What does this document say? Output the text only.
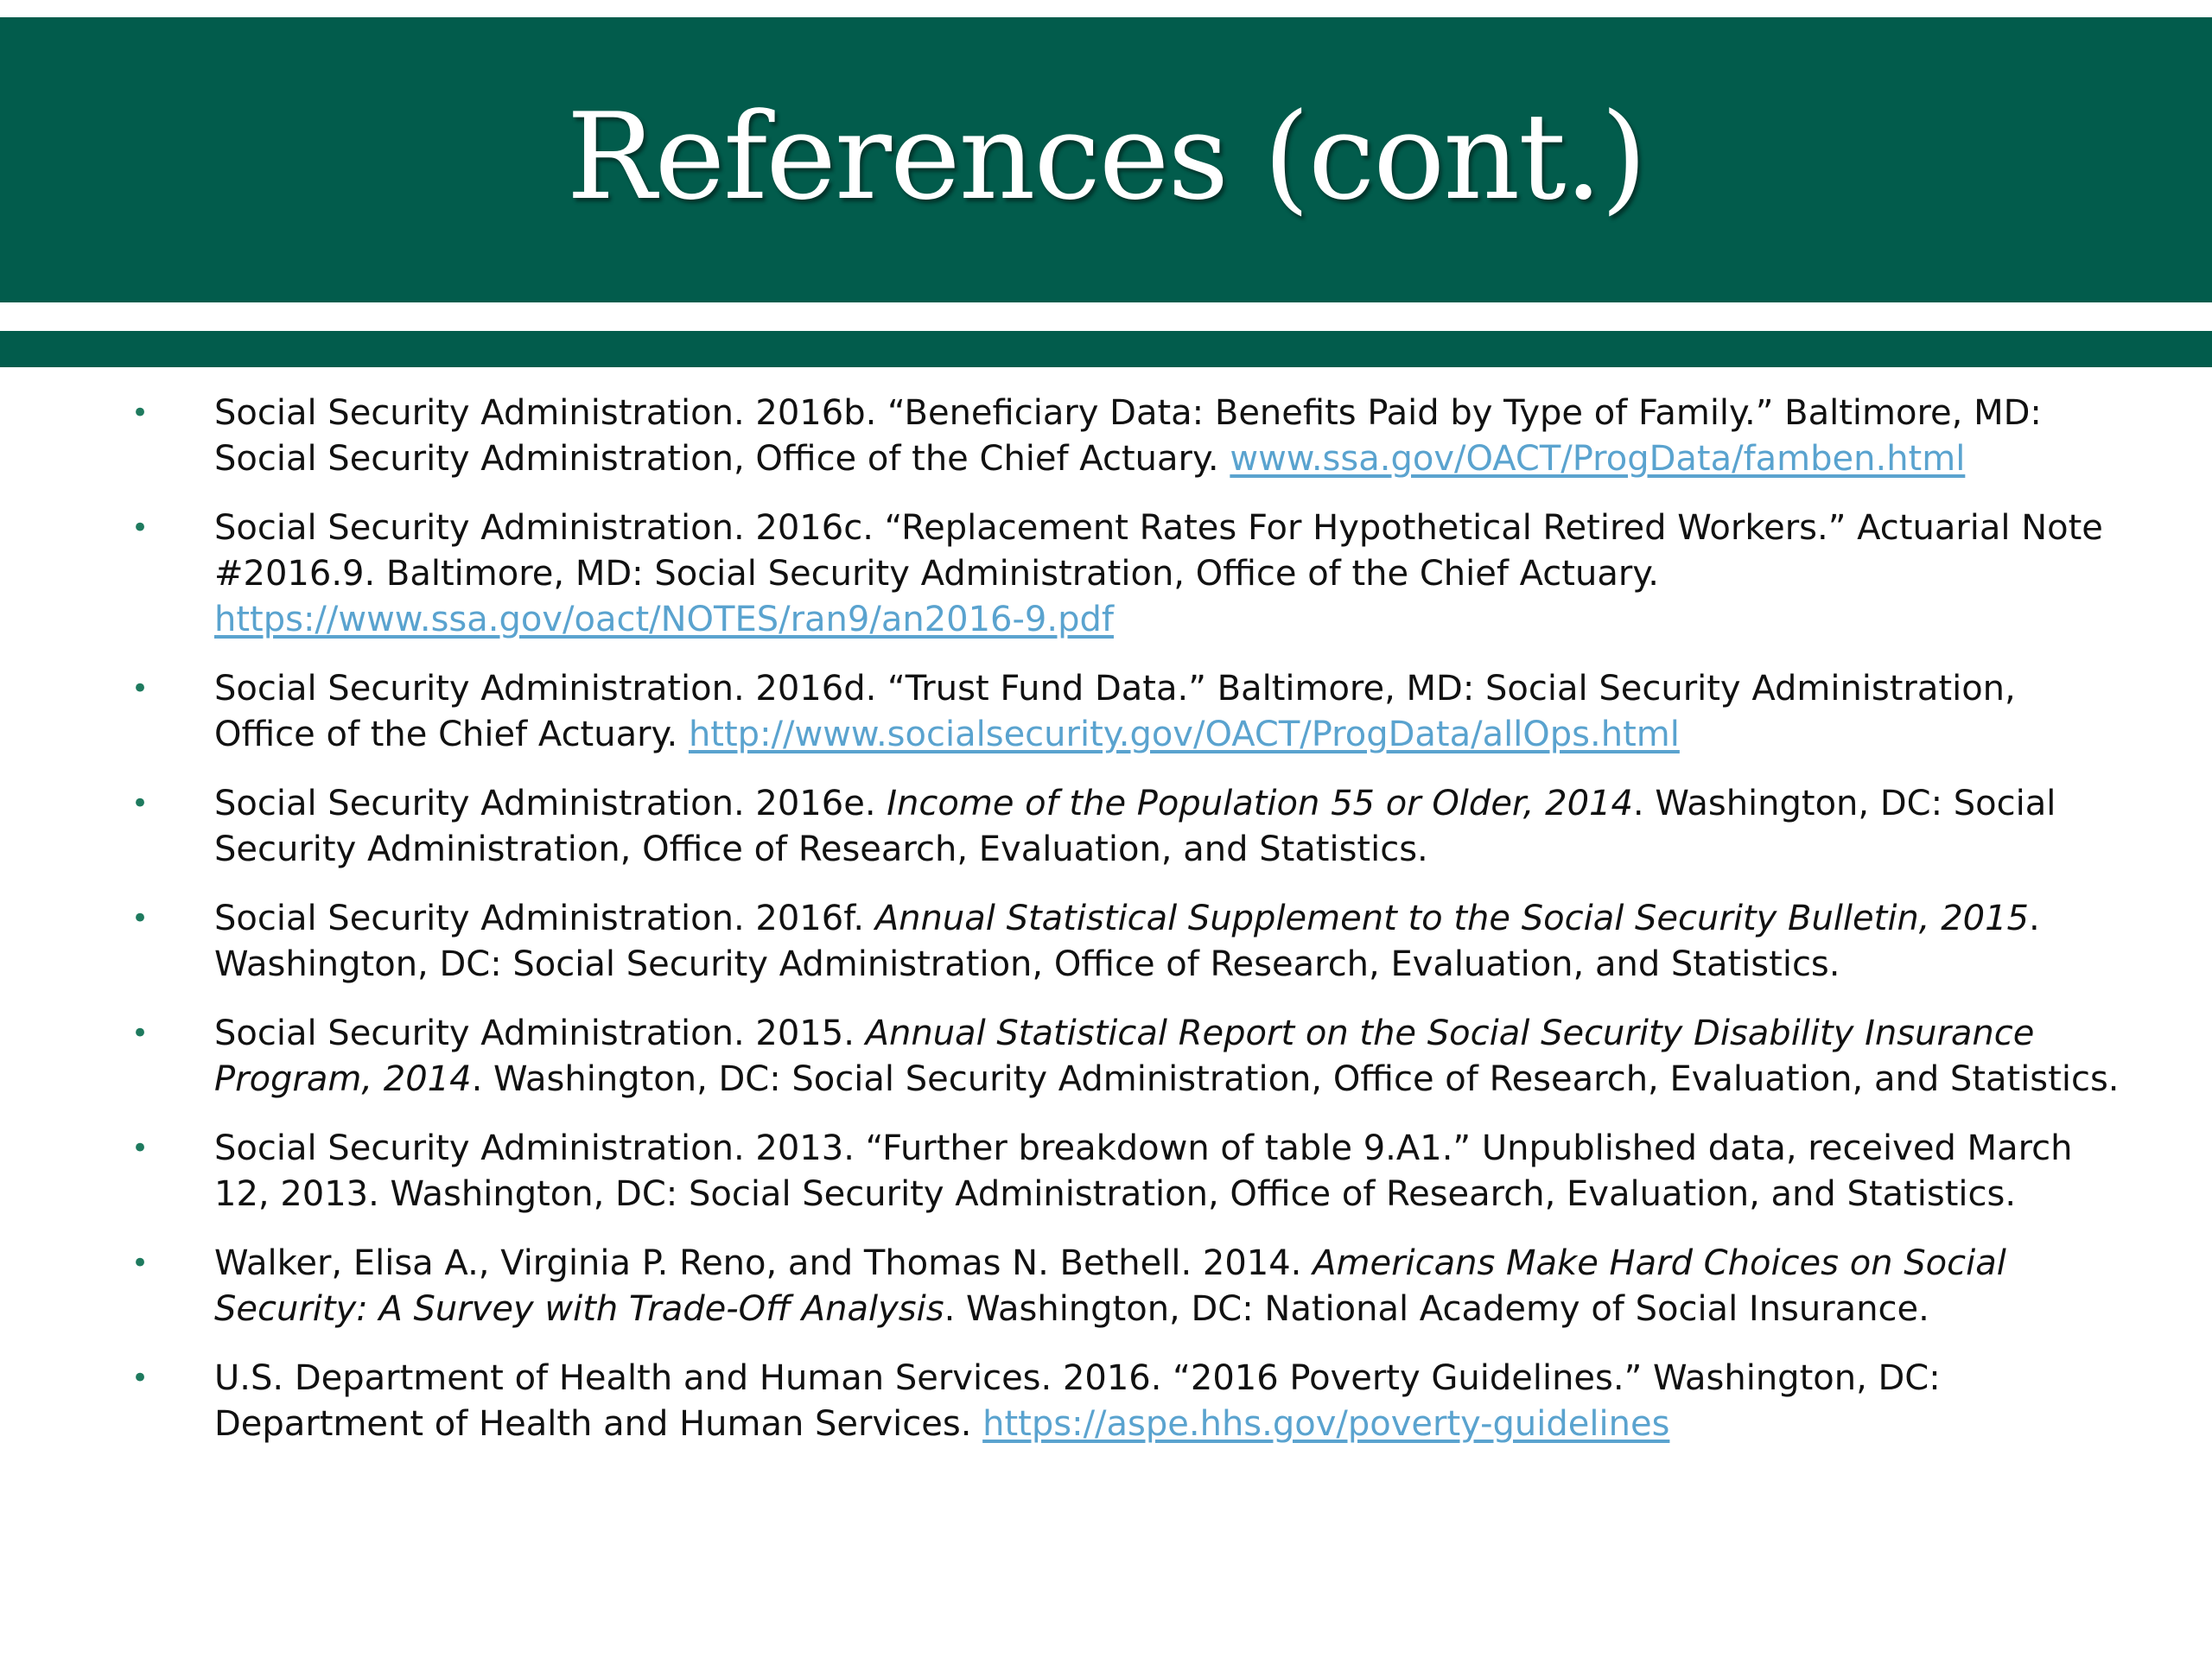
References (cont.)
• Social Security Administration. 2016b. “Beneficiary Data: Benefits Paid by Type of Family.” Baltimore, MD: Social Security Administration, Office of the Chief Actuary. www.ssa.gov/OACT/ProgData/famben.html
• Social Security Administration. 2016c. “Replacement Rates For Hypothetical Retired Workers.” Actuarial Note #2016.9. Baltimore, MD: Social Security Administration, Office of the Chief Actuary. https://www.ssa.gov/oact/NOTES/ran9/an2016-9.pdf
• Social Security Administration. 2016d. “Trust Fund Data.” Baltimore, MD: Social Security Administration, Office of the Chief Actuary. http://www.socialsecurity.gov/OACT/ProgData/allOps.html
• Social Security Administration. 2016e. Income of the Population 55 or Older, 2014. Washington, DC: Social Security Administration, Office of Research, Evaluation, and Statistics.
• Social Security Administration. 2016f. Annual Statistical Supplement to the Social Security Bulletin, 2015. Washington, DC: Social Security Administration, Office of Research, Evaluation, and Statistics.
• Social Security Administration. 2015. Annual Statistical Report on the Social Security Disability Insurance Program, 2014. Washington, DC: Social Security Administration, Office of Research, Evaluation, and Statistics.
• Social Security Administration. 2013. “Further breakdown of table 9.A1.” Unpublished data, received March 12, 2013. Washington, DC: Social Security Administration, Office of Research, Evaluation, and Statistics.
• Walker, Elisa A., Virginia P. Reno, and Thomas N. Bethell. 2014. Americans Make Hard Choices on Social Security: A Survey with Trade-Off Analysis. Washington, DC: National Academy of Social Insurance.
• U.S. Department of Health and Human Services. 2016. “2016 Poverty Guidelines.” Washington, DC: Department of Health and Human Services. https://aspe.hhs.gov/poverty-guidelines
